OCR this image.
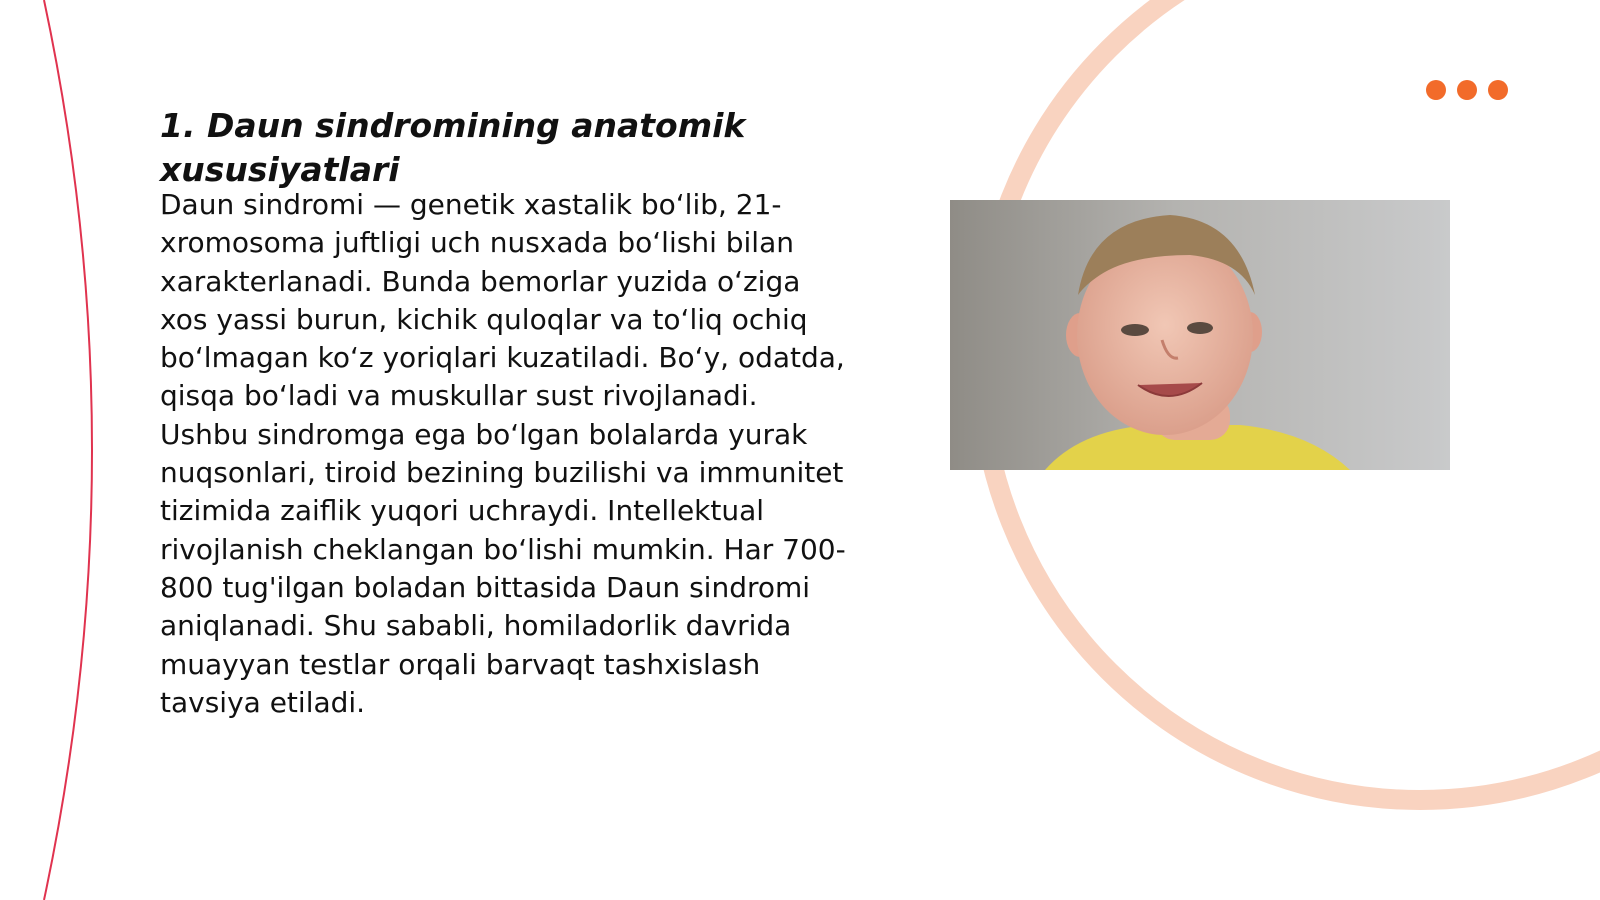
1. Daun sindromining anatomik xususiyatlari

Daun sindromi — genetik xastalik bo‘lib, 21-xromosoma juftligi uch nusxada bo‘lishi bilan xarakterlanadi. Bunda bemorlar yuzida o‘ziga xos yassi burun, kichik quloqlar va to‘liq ochiq bo‘lmagan ko‘z yoriqlari kuzatiladi. Bo‘y, odatda, qisqa bo‘ladi va muskullar sust rivojlanadi. Ushbu sindromga ega bo‘lgan bolalarda yurak nuqsonlari, tiroid bezining buzilishi va immunitet tizimida zaiflik yuqori uchraydi. Intellektual rivojlanish cheklangan bo‘lishi mumkin. Har 700-800 tug'ilgan boladan bittasida Daun sindromi aniqlanadi. Shu sababli, homiladorlik davrida muayyan testlar orqali barvaqt tashxislash tavsiya etiladi.
